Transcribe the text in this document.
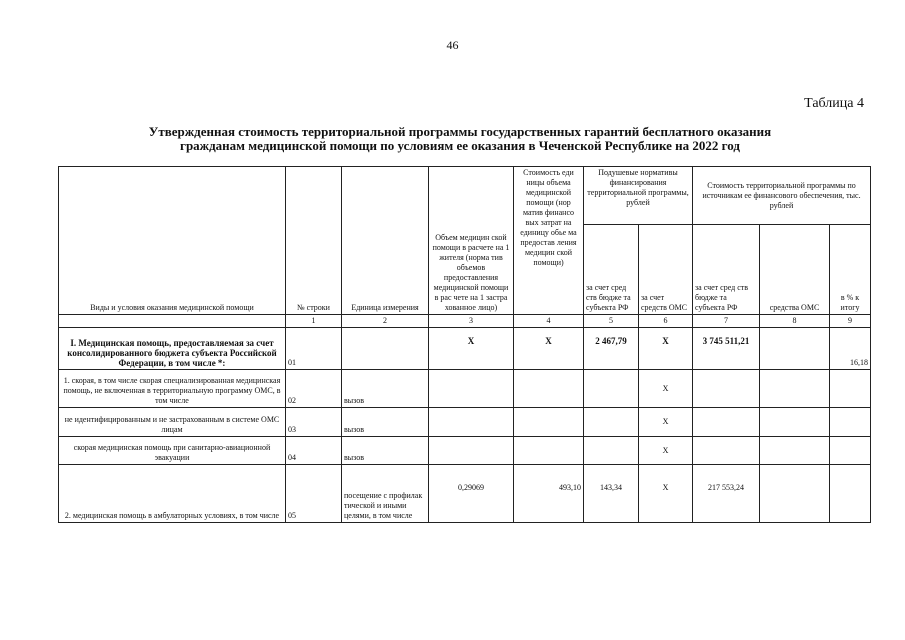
46
Таблица 4
Утвержденная стоимость территориальной программы государственных гарантий бесплатного оказания
гражданам медицинской помощи по условиям ее оказания в Чеченской Республике на 2022 год
Виды и условия оказания медицинской помощи	№ строки	Единица измерения	Объем медицин ской помощи в расчете на 1 жителя (норма тив объемов предоставления медицинской помощи в рас чете на 1 застра хованное лицо)	Стоимость еди ницы объема медицинской помощи (нор матив финансо вых затрат на единицу обье ма предостав ления медицин ской помощи)	Подушевые нормативы финансирования территориальной программы, рублей		Стоимость территориальной программы по источникам ее финансового обеспечения, тыс. рублей		
					за счет сред ств бюдже та субъекта РФ	за счет средств ОМС	за счет сред ств бюдже та субъекта РФ	средства ОМС	в % к итогу
	1	2	3	4	5	6	7	8	9
I. Медицинская помощь, предоставляемая за счет консолидированного бюджета субъекта Российской Федерации, в том числе *:	01		X	X	2 467,79	X	3 745 511,21		16,18
1. скорая, в том числе скорая специализированная медицинская помощь, не включенная в территориальную программу ОМС, в том числе	02	вызов				X			
не идентифицированным и не застрахованным в системе ОМС лицам	03	вызов				X			
скорая медицинская помощь при санитарно-авиационной эвакуации	04	вызов				X			
2. медицинская помощь в амбулаторных условиях, в том числе	05	посещение с профилак тической и иными целями, в том числе	0,29069	493,10	143,34	X	217 553,24		
